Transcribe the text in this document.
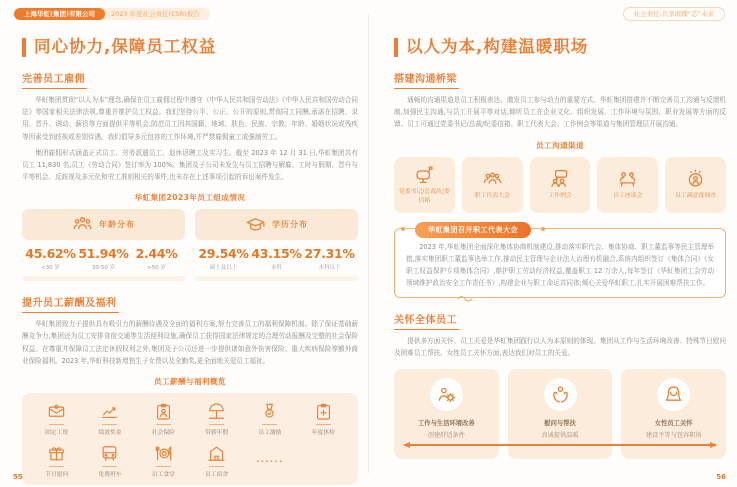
上海华虹(集团)有限公司	2023 年度社会责任(CSR)报告	社会责任:共享璀璨“芯”未来
同心协力,保障员工权益
完善员工雇佣

华虹集团贯彻“以人为本”理念,确保在员工雇佣过程中遵守《中华人民共和国劳动法》《中华人民共和国劳动合同法》等国家相关法律法规,尊重并维护员工权益。我们坚持公平、公正、公开的原则,贯彻同工同酬,承诺在招聘、录用、晋升、调动、薪资等方面提供平等机会,防范员工因其国籍、地域、肤色、民族、宗教、年龄、婚姻状况或残疾等因素受到歧视或差别待遇。我们倡导多元包容的工作环境,并严禁雇佣童工或强制劳工。

集团雇佣形式涵盖正式员工、劳务派遣员工、退休返聘工及实习生。截至 2023 年 12 月 31 日,华虹集团共有员工 11,830 名,员工《劳动合同》签订率为 100%。集团及子公司未发生与员工招聘与解雇、工时与假期、晋升与平等机会、反歧视及多元化和劳工准则相关的事件,也未存在上述事项引起的诉讼案件发生。

华虹集团2023年员工组成情况
年龄分布
45.62%
<30 岁
51.94%
30-50 岁
2.44%
>50 岁
学历分布
29.54%
硕士及以上
43.15%
本科
27.31%
本科以下
提升员工薪酬及福利

华虹集团致力于提供具有吸引力的薪酬待遇及全面的福利方案,努力完善员工的福利保障机制。除了保证基础薪酬竞争力,集团还为员工安排食宿交通等生活便利设施,确保员工获得国家法律规定的合理劳动报酬及完整的社会保险权益。在尊重并保障员工法定休假权利之外,集团及子公司还进一步提供诸如意外伤害保险、重大疾病保险等额外商业保险福利。2023 年,华虹科技新增独生子女费以及全勤奖,更全面地关爱员工福祉。

员工薪酬与福利概览
固定工资	绩效奖金	社会保险	带薪年假	员工激励	年度体检
节日慰问	免费班车	员工食堂	员工宿舍
······
以人为本,构建温暖职场
搭建沟通桥梁

通畅的沟通渠道是员工积极表达、激发员工参与动力的重要方式。华虹集团搭建并不断完善员工沟通与反馈机制,加强民主沟通,与员工开展平等对话,倾听员工在企业文化、组织发展、工作环境与氛围、职业发展等方面的反馈。员工可通过党委书记/总裁/纪委信箱、职工代表大会、工作例会等渠道与集团管理层开展沟通。

员工沟通渠道
党委书记/总裁/纪委信箱
职工代表大会	工作例会	员工座谈会	员工满意度调查
华虹集团召开职工代表大会

2023 年,华虹集团全面深化集体协商机制建设,推动落实职代会、集体协商、职工董监事等民主管理举措,落实集团职工董监事选举工作,推动民主管理与企业法人治理有机融合,系统内组织签订《集体合同》《女职工权益保护专项集体合同》,维护职工劳动经济权益,覆盖职工 12 万余人,每年签订《华虹集团工会劳动领域维护政治安全工作责任书》,构建企业与职工命运共同体;倾心关爱华虹职工,扎实开展困难帮扶工作。

关怀全体员工

提供多方面关怀、员工关爱是华虹集团践行以人为本原则的体现。集团从工作与生活环境改善、特殊节日慰问及困难员工帮扶、女性员工关怀方面,表达我们对员工的关爱。

工作与生活环境改善
创建舒适条件
慰问与帮扶
真诚提供温暖
女性员工关怀
建设平等与包容职场
55	56
